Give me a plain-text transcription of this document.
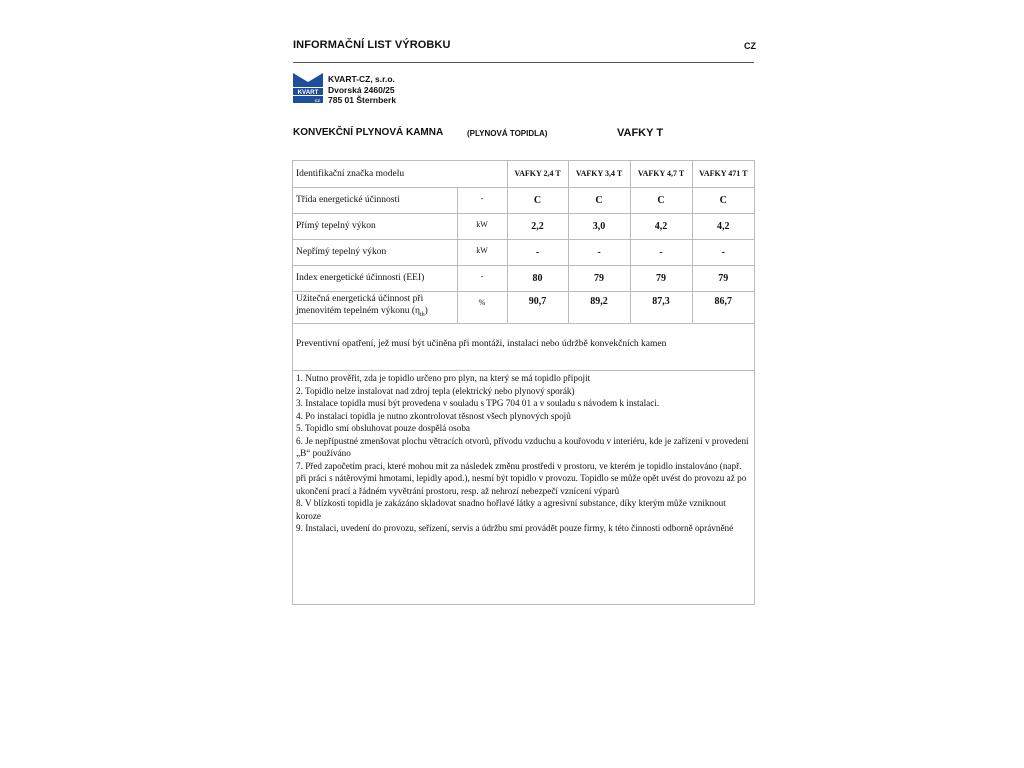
INFORMAČNÍ LIST VÝROBKU	CZ
KVART
CZ
KVART-CZ, s.r.o.
Dvorská 2460/25
785 01 Šternberk
KONVEKČNÍ PLYNOVÁ KAMNA	(PLYNOVÁ TOPIDLA)	VAFKY T
Identifikační značka modelu		VAFKY 2,4 T	VAFKY 3,4 T	VAFKY 4,7 T	VAFKY 471 T
Třída energetické účinnosti	-	C	C	C	C
Přímý tepelný výkon	kW	2,2	3,0	4,2	4,2
Nepřímý tepelný výkon	kW	-	-	-	-
Index energetické účinnosti (EEI)	-	80	79	79	79
Užitečná energetická účinnost při
jmenovitém tepelném výkonu $(\eta_{th})$	%	90,7	89,2	87,3	86,7
Preventivní opatření, jež musí být učiněna při montáži, instalaci nebo údržbě konvekčních kamen
1. Nutno prověřit, zda je topidlo určeno pro plyn, na který se má topidlo připojit
2. Topidlo nelze instalovat nad zdroj tepla (elektrický nebo plynový sporák)
3. Instalace topidla musí být provedena v souladu s TPG 704 01 a v souladu s návodem k instalaci.
4. Po instalaci topidla je nutno zkontrolovat těsnost všech plynových spojů
5. Topidlo smí obsluhovat pouze dospělá osoba
6. Je nepřípustné zmenšovat plochu větracích otvorů, přívodu vzduchu a kouřovodu v interiéru, kde je zařízení v provedení „B“ používáno
7. Před započetím prací, které mohou mít za následek změnu prostředí v prostoru, ve kterém je topidlo instalováno (např. při práci s nátěrovými hmotami, lepidly apod.), nesmí být topidlo v provozu. Topidlo se může opět uvést do provozu až po ukončení prací a řádném vyvětrání prostoru, resp. až nehrozí nebezpečí vznícení výparů
8. V blízkosti topidla je zakázáno skladovat snadno hořlavé látky a agresivní substance, díky kterým může vzniknout koroze
9. Instalaci, uvedení do provozu, seřízení, servis a údržbu smí provádět pouze firmy, k této činnosti odborně oprávněné
